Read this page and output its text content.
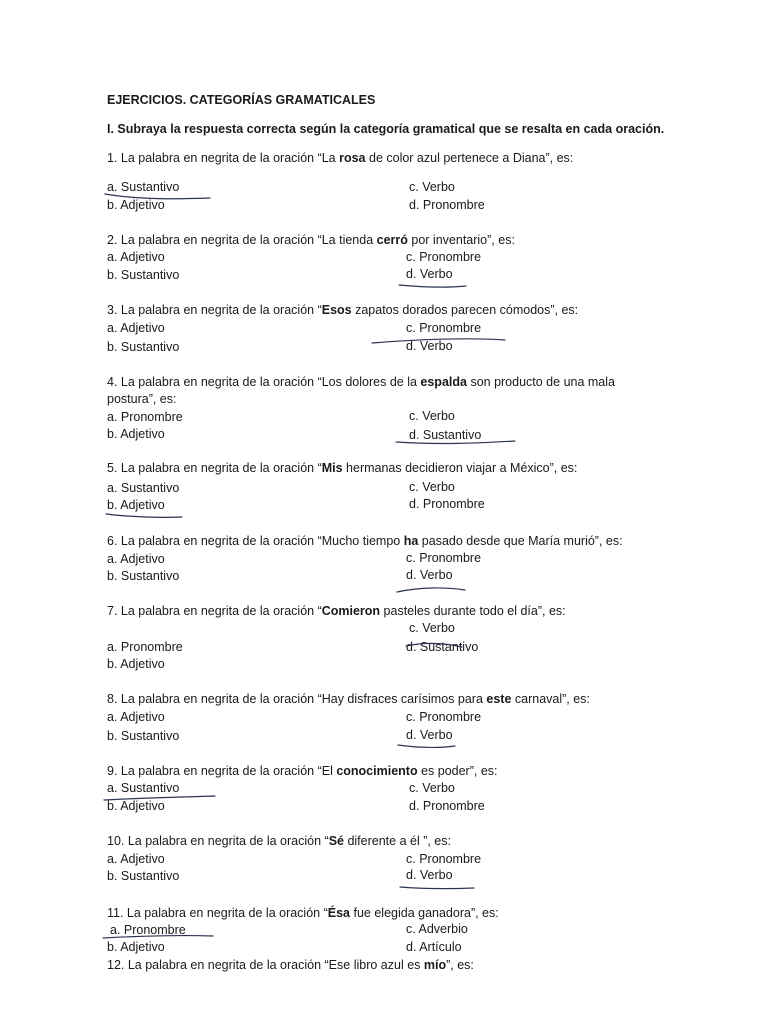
EJERCICIOS. CATEGORÍAS GRAMATICALES
I. Subraya la respuesta correcta según la categoría gramatical que se resalta en cada oración.
1. La palabra en negrita de la oración “La rosa de color azul pertenece a Diana”, es:
a. Sustantivo	c. Verbo
b. Adjetivo	d. Pronombre
2. La palabra en negrita de la oración “La tienda cerró por inventario”, es:
a. Adjetivo	c. Pronombre
b. Sustantivo	d. Verbo
3. La palabra en negrita de la oración “Esos zapatos dorados parecen cómodos”, es:
a. Adjetivo	c. Pronombre
b. Sustantivo	d. Verbo
4. La palabra en negrita de la oración “Los dolores de la espalda son producto de una mala
postura”, es:
a. Pronombre	c. Verbo
b. Adjetivo	d. Sustantivo
5. La palabra en negrita de la oración “Mis hermanas decidieron viajar a México”, es:
a. Sustantivo	c. Verbo
b. Adjetivo	d. Pronombre
6. La palabra en negrita de la oración “Mucho tiempo ha pasado desde que María murió”, es:
a. Adjetivo	c. Pronombre
b. Sustantivo	d. Verbo
7. La palabra en negrita de la oración “Comieron pasteles durante todo el día”, es:
c. Verbo
a. Pronombre	d. Sustantivo
b. Adjetivo
8. La palabra en negrita de la oración “Hay disfraces carísimos para este carnaval”, es:
a. Adjetivo	c. Pronombre
b. Sustantivo	d. Verbo
9. La palabra en negrita de la oración “El conocimiento es poder”, es:
a. Sustantivo	c. Verbo
b. Adjetivo	d. Pronombre
10. La palabra en negrita de la oración “Sé diferente a él ”, es:
a. Adjetivo	c. Pronombre
b. Sustantivo	d. Verbo
11. La palabra en negrita de la oración “Ésa fue elegida ganadora”, es:
a. Pronombre	c. Adverbio
b. Adjetivo	d. Artículo
12. La palabra en negrita de la oración “Ese libro azul es mío”, es:
